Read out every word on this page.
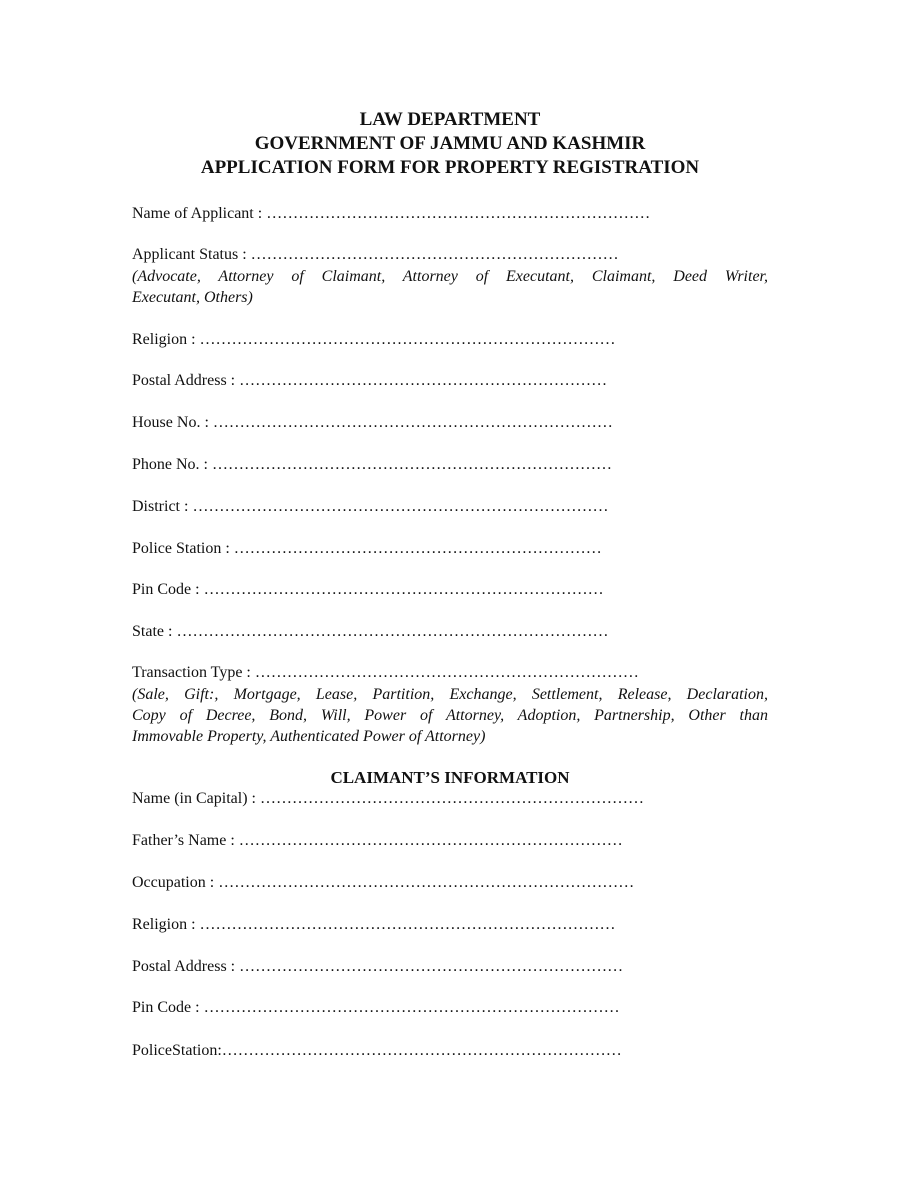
LAW DEPARTMENT
GOVERNMENT OF JAMMU AND KASHMIR
APPLICATION FORM FOR PROPERTY REGISTRATION
Name of Applicant : ………………………………………………………………
Applicant Status : ……………………………………………………………
(Advocate, Attorney of Claimant, Attorney of Executant, Claimant, Deed Writer,
Executant, Others)
Religion : ……………………………………………………………………
Postal Address : ……………………………………………………………
House No. : …………………………………………………………………
Phone No. : …………………………………………………………………
District : ……………………………………………………………………
Police Station : ……………………………………………………………
Pin Code : …………………………………………………………………
State : ………………………………………………………………………
Transaction Type : ………………………………………………………………
(Sale, Gift:, Mortgage, Lease, Partition, Exchange, Settlement, Release, Declaration,
Copy of Decree, Bond, Will, Power of Attorney, Adoption, Partnership, Other than
Immovable Property, Authenticated Power of Attorney)
CLAIMANT’S INFORMATION
Name (in Capital) : ………………………………………………………………
Father’s Name : ………………………………………………………………
Occupation : ……………………………………………………………………
Religion : ……………………………………………………………………
Postal Address : ………………………………………………………………
Pin Code : ……………………………………………………………………
PoliceStation:…………………………………………………………………
